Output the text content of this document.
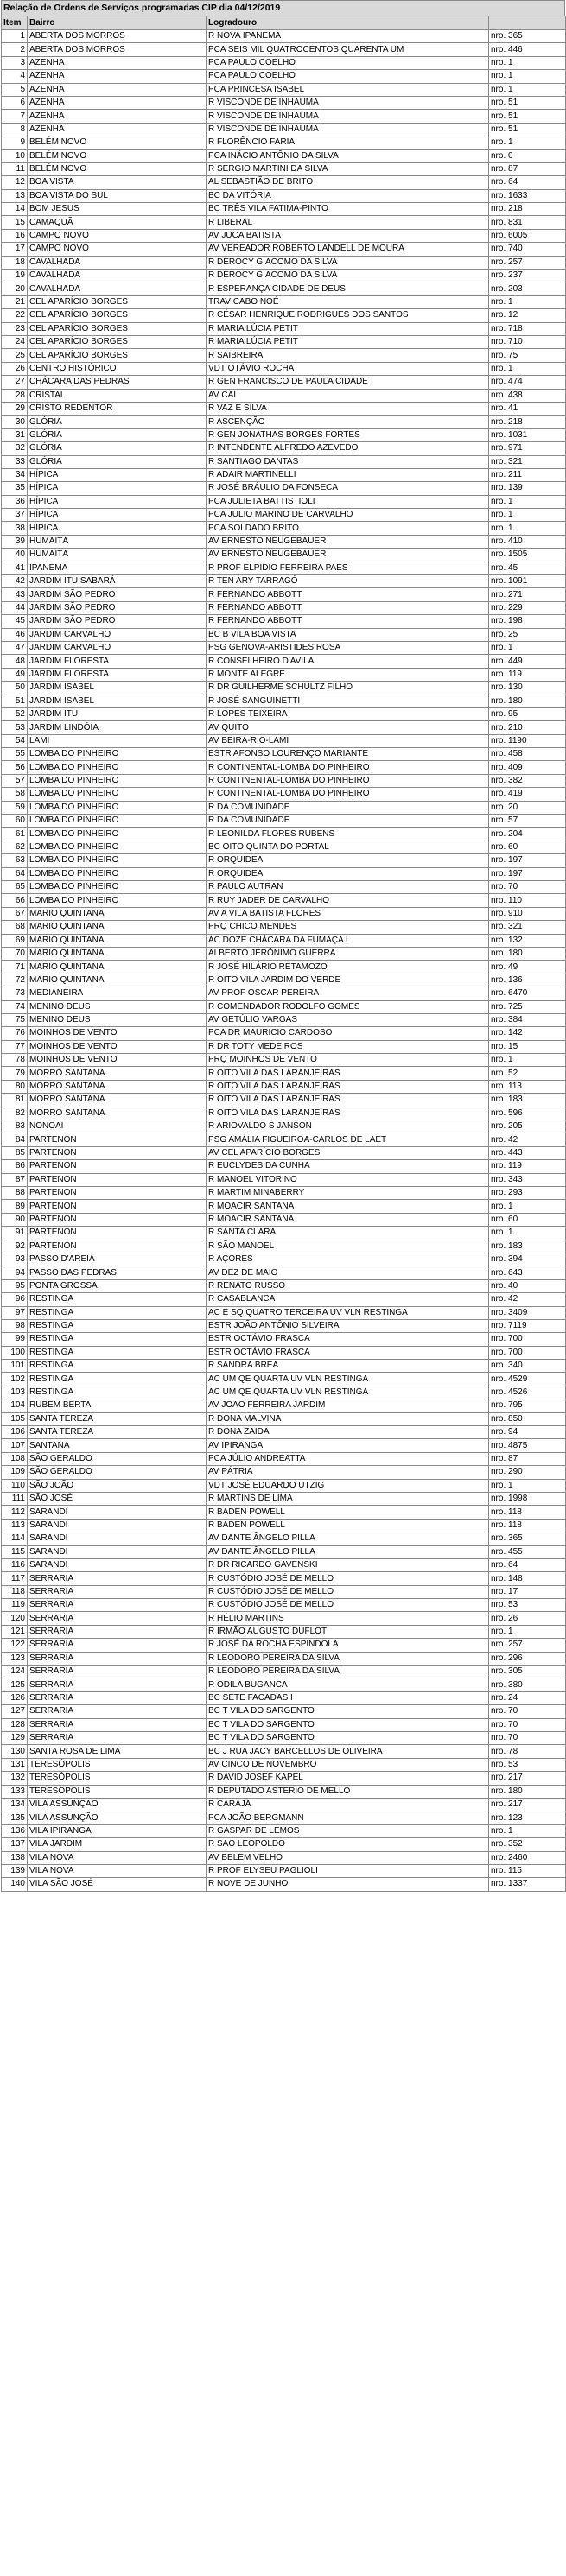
Relação de Ordens de Serviços programadas CIP dia 04/12/2019
Item	Bairro	Logradouro	
1	ABERTA DOS MORROS	R NOVA IPANEMA	nro. 365
2	ABERTA DOS MORROS	PCA SEIS MIL QUATROCENTOS QUARENTA UM	nro. 446
3	AZENHA	PCA PAULO COELHO	nro. 1
4	AZENHA	PCA PAULO COELHO	nro. 1
5	AZENHA	PCA PRINCESA ISABEL	nro. 1
6	AZENHA	R VISCONDE DE INHAUMA	nro. 51
7	AZENHA	R VISCONDE DE INHAUMA	nro. 51
8	AZENHA	R VISCONDE DE INHAUMA	nro. 51
9	BELÉM NOVO	R FLORÊNCIO FARIA	nro. 1
10	BELÉM NOVO	PCA INÁCIO ANTÔNIO DA SILVA	nro. 0
11	BELÉM NOVO	R SERGIO MARTINI DA SILVA	nro. 87
12	BOA VISTA	AL SEBASTIÃO DE BRITO	nro. 64
13	BOA VISTA DO SUL	BC DA VITÓRIA	nro. 1633
14	BOM JESUS	BC TRÊS VILA FATIMA-PINTO	nro. 218
15	CAMAQUÃ	R LIBERAL	nro. 831
16	CAMPO NOVO	AV JUCA BATISTA	nro. 6005
17	CAMPO NOVO	AV VEREADOR ROBERTO LANDELL DE MOURA	nro. 740
18	CAVALHADA	R DEROCY GIACOMO DA SILVA	nro. 257
19	CAVALHADA	R DEROCY GIACOMO DA SILVA	nro. 237
20	CAVALHADA	R ESPERANÇA CIDADE DE DEUS	nro. 203
21	CEL APARÍCIO BORGES	TRAV CABO NOÉ	nro. 1
22	CEL APARÍCIO BORGES	R CÉSAR HENRIQUE RODRIGUES DOS SANTOS	nro. 12
23	CEL APARÍCIO BORGES	R MARIA LÚCIA PETIT	nro. 718
24	CEL APARÍCIO BORGES	R MARIA LÚCIA PETIT	nro. 710
25	CEL APARÍCIO BORGES	R SAIBREIRA	nro. 75
26	CENTRO HISTÓRICO	VDT OTÁVIO ROCHA	nro. 1
27	CHÁCARA DAS PEDRAS	R GEN FRANCISCO DE PAULA CIDADE	nro. 474
28	CRISTAL	AV CAÍ	nro. 438
29	CRISTO REDENTOR	R VAZ E SILVA	nro. 41
30	GLÓRIA	R ASCENÇÃO	nro. 218
31	GLÓRIA	R GEN JONATHAS BORGES FORTES	nro. 1031
32	GLÓRIA	R INTENDENTE ALFREDO AZEVEDO	nro. 971
33	GLÓRIA	R SANTIAGO DANTAS	nro. 321
34	HÍPICA	R ADAIR MARTINELLI	nro. 211
35	HÍPICA	R JOSÉ BRÁULIO DA FONSECA	nro. 139
36	HÍPICA	PCA JULIETA BATTISTIOLI	nro. 1
37	HÍPICA	PCA JULIO MARINO DE CARVALHO	nro. 1
38	HÍPICA	PCA SOLDADO BRITO	nro. 1
39	HUMAITÁ	AV ERNESTO NEUGEBAUER	nro. 410
40	HUMAITÁ	AV ERNESTO NEUGEBAUER	nro. 1505
41	IPANEMA	R PROF ELPIDIO FERREIRA PAES	nro. 45
42	JARDIM ITU SABARÁ	R TEN ARY TARRAGÓ	nro. 1091
43	JARDIM SÃO PEDRO	R FERNANDO ABBOTT	nro. 271
44	JARDIM SÃO PEDRO	R FERNANDO ABBOTT	nro. 229
45	JARDIM SÃO PEDRO	R FERNANDO ABBOTT	nro. 198
46	JARDIM CARVALHO	BC B VILA BOA VISTA	nro. 25
47	JARDIM CARVALHO	PSG GENOVA-ARISTIDES ROSA	nro. 1
48	JARDIM FLORESTA	R CONSELHEIRO D'AVILA	nro. 449
49	JARDIM FLORESTA	R MONTE ALEGRE	nro. 119
50	JARDIM ISABEL	R DR GUILHERME SCHULTZ FILHO	nro. 130
51	JARDIM ISABEL	R JOSÉ SANGUINETTI	nro. 180
52	JARDIM ITU	R LOPES TEIXEIRA	nro. 95
53	JARDIM LINDÓIA	AV QUITO	nro. 210
54	LAMI	AV BEIRA-RIO-LAMI	nro. 1190
55	LOMBA DO PINHEIRO	ESTR AFONSO LOURENÇO MARIANTE	nro. 458
56	LOMBA DO PINHEIRO	R CONTINENTAL-LOMBA DO PINHEIRO	nro. 409
57	LOMBA DO PINHEIRO	R CONTINENTAL-LOMBA DO PINHEIRO	nro. 382
58	LOMBA DO PINHEIRO	R CONTINENTAL-LOMBA DO PINHEIRO	nro. 419
59	LOMBA DO PINHEIRO	R DA COMUNIDADE	nro. 20
60	LOMBA DO PINHEIRO	R DA COMUNIDADE	nro. 57
61	LOMBA DO PINHEIRO	R LEONILDA FLORES RUBENS	nro. 204
62	LOMBA DO PINHEIRO	BC OITO QUINTA DO PORTAL	nro. 60
63	LOMBA DO PINHEIRO	R ORQUIDEA	nro. 197
64	LOMBA DO PINHEIRO	R ORQUIDEA	nro. 197
65	LOMBA DO PINHEIRO	R PAULO AUTRAN	nro. 70
66	LOMBA DO PINHEIRO	R RUY JADER DE CARVALHO	nro. 110
67	MARIO QUINTANA	AV A VILA BATISTA FLORES	nro. 910
68	MARIO QUINTANA	PRQ CHICO MENDES	nro. 321
69	MARIO QUINTANA	AC DOZE CHÁCARA DA FUMAÇA I	nro. 132
70	MARIO QUINTANA	ALBERTO JERÔNIMO GUERRA	nro. 180
71	MARIO QUINTANA	R JOSÉ HILÁRIO RETAMOZO	nro. 49
72	MARIO QUINTANA	R OITO VILA JARDIM DO VERDE	nro. 136
73	MEDIANEIRA	AV PROF OSCAR PEREIRA	nro. 6470
74	MENINO DEUS	R COMENDADOR RODOLFO GOMES	nro. 725
75	MENINO DEUS	AV GETÚLIO VARGAS	nro. 384
76	MOINHOS DE VENTO	PCA DR MAURICIO CARDOSO	nro. 142
77	MOINHOS DE VENTO	R DR TOTY MEDEIROS	nro. 15
78	MOINHOS DE VENTO	PRQ MOINHOS DE VENTO	nro. 1
79	MORRO SANTANA	R OITO VILA DAS LARANJEIRAS	nro. 52
80	MORRO SANTANA	R OITO VILA DAS LARANJEIRAS	nro. 113
81	MORRO SANTANA	R OITO VILA DAS LARANJEIRAS	nro. 183
82	MORRO SANTANA	R OITO VILA DAS LARANJEIRAS	nro. 596
83	NONOAI	R ARIOVALDO S JANSON	nro. 205
84	PARTENON	PSG AMÁLIA FIGUEIROA-CARLOS DE LAET	nro. 42
85	PARTENON	AV CEL APARÍCIO BORGES	nro. 443
86	PARTENON	R EUCLYDES DA CUNHA	nro. 119
87	PARTENON	R MANOEL VITORINO	nro. 343
88	PARTENON	R MARTIM MINABERRY	nro. 293
89	PARTENON	R MOACIR SANTANA	nro. 1
90	PARTENON	R MOACIR SANTANA	nro. 60
91	PARTENON	R SANTA CLARA	nro. 1
92	PARTENON	R SÃO MANOEL	nro. 183
93	PASSO D'AREIA	R AÇORES	nro. 394
94	PASSO DAS PEDRAS	AV DEZ DE MAIO	nro. 643
95	PONTA GROSSA	R RENATO RUSSO	nro. 40
96	RESTINGA	R CASABLANCA	nro. 42
97	RESTINGA	AC E SQ QUATRO TERCEIRA UV VLN RESTINGA	nro. 3409
98	RESTINGA	ESTR JOÃO ANTÔNIO SILVEIRA	nro. 7119
99	RESTINGA	ESTR OCTÁVIO FRASCA	nro. 700
100	RESTINGA	ESTR OCTÁVIO FRASCA	nro. 700
101	RESTINGA	R SANDRA BREA	nro. 340
102	RESTINGA	AC UM QE QUARTA UV VLN RESTINGA	nro. 4529
103	RESTINGA	AC UM QE QUARTA UV VLN RESTINGA	nro. 4526
104	RUBEM BERTA	AV JOAO FERREIRA JARDIM	nro. 795
105	SANTA TEREZA	R DONA MALVINA	nro. 850
106	SANTA TEREZA	R DONA ZAIDA	nro. 94
107	SANTANA	AV IPIRANGA	nro. 4875
108	SÃO GERALDO	PCA JÚLIO ANDREATTA	nro. 87
109	SÃO GERALDO	AV PÁTRIA	nro. 290
110	SÃO JOÃO	VDT JOSÉ EDUARDO UTZIG	nro. 1
111	SÃO JOSÉ	R MARTINS DE LIMA	nro. 1998
112	SARANDI	R BADEN POWELL	nro. 118
113	SARANDI	R BADEN POWELL	nro. 118
114	SARANDI	AV DANTE ÂNGELO PILLA	nro. 365
115	SARANDI	AV DANTE ÂNGELO PILLA	nro. 455
116	SARANDI	R DR RICARDO GAVENSKI	nro. 64
117	SERRARIA	R CUSTÓDIO JOSÉ DE MELLO	nro. 148
118	SERRARIA	R CUSTÓDIO JOSÉ DE MELLO	nro. 17
119	SERRARIA	R CUSTÓDIO JOSÉ DE MELLO	nro. 53
120	SERRARIA	R HÉLIO MARTINS	nro. 26
121	SERRARIA	R IRMÃO AUGUSTO DUFLOT	nro. 1
122	SERRARIA	R JOSÉ DA ROCHA ESPINDOLA	nro. 257
123	SERRARIA	R LEODORO PEREIRA DA SILVA	nro. 296
124	SERRARIA	R LEODORO PEREIRA DA SILVA	nro. 305
125	SERRARIA	R ODILA BUGANCA	nro. 380
126	SERRARIA	BC SETE FACADAS I	nro. 24
127	SERRARIA	BC T VILA DO SARGENTO	nro. 70
128	SERRARIA	BC T VILA DO SARGENTO	nro. 70
129	SERRARIA	BC T VILA DO SARGENTO	nro. 70
130	SANTA ROSA DE LIMA	BC J RUA JACY BARCELLOS DE OLIVEIRA	nro. 78
131	TERESÓPOLIS	AV CINCO DE NOVEMBRO	nro. 53
132	TERESÓPOLIS	R DAVID JOSEF KAPEL	nro. 217
133	TERESÓPOLIS	R DEPUTADO ASTERIO DE MELLO	nro. 180
134	VILA ASSUNÇÃO	R CARAJÁ	nro. 217
135	VILA ASSUNÇÃO	PCA JOÃO BERGMANN	nro. 123
136	VILA IPIRANGA	R GASPAR DE LEMOS	nro. 1
137	VILA JARDIM	R SAO LEOPOLDO	nro. 352
138	VILA NOVA	AV BELEM VELHO	nro. 2460
139	VILA NOVA	R PROF ELYSEU PAGLIOLI	nro. 115
140	VILA SÃO JOSÉ	R NOVE DE JUNHO	nro. 1337
